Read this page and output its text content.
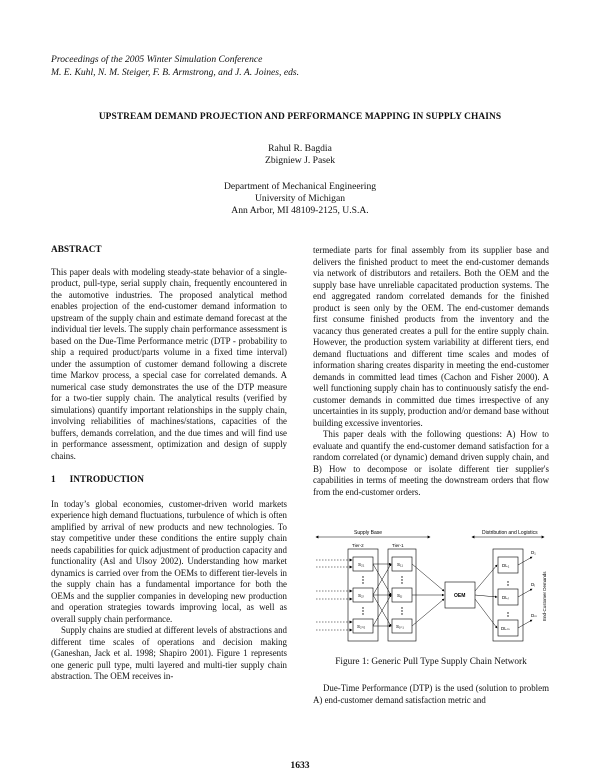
Proceedings of the 2005 Winter Simulation Conference
M. E. Kuhl, N. M. Steiger, F. B. Armstrong, and J. A. Joines, eds.
UPSTREAM DEMAND PROJECTION AND PERFORMANCE MAPPING IN SUPPLY CHAINS
Rahul R. Bagdia
Zbigniew J. Pasek
Department of Mechanical Engineering
University of Michigan
Ann Arbor, MI 48109-2125, U.S.A.
ABSTRACT

This paper deals with modeling steady-state behavior of a single-product, pull-type, serial supply chain, frequently encountered in the automotive industries. The proposed analytical method enables projection of the end-customer demand information to upstream of the supply chain and estimate demand forecast at the individual tier levels. The supply chain performance assessment is based on the Due-Time Performance metric (DTP - probability to ship a required product/parts volume in a fixed time interval) under the assumption of customer demand following a discrete time Markov process, a special case for correlated demands. A numerical case study demonstrates the use of the DTP measure for a two-tier supply chain. The analytical results (verified by simulations) quantify important relationships in the supply chain, involving reliabilities of machines/stations, capacities of the buffers, demands correlation, and the due times and will find use in performance assessment, optimization and design of supply chains.

1      INTRODUCTION

In today’s global economies, customer-driven world markets experience high demand fluctuations, turbulence of which is often amplified by arrival of new products and new technologies. To stay competitive under these conditions the entire supply chain needs capabilities for quick adjustment of production capacity and functionality (Asl and Ulsoy 2002). Understanding how market dynamics is carried over from the OEMs to different tier-levels in the supply chain has a fundamental importance for both the OEMs and the supplier companies in developing new production and operation strategies towards improving local, as well as overall supply chain performance.

Supply chains are studied at different levels of abstractions and different time scales of operations and decision making (Ganeshan, Jack et al. 1998; Shapiro 2001). Figure 1 represents one generic pull type, multi layered and multi-tier supply chain abstraction. The OEM receives in-

termediate parts for final assembly from its supplier base and delivers the finished product to meet the end-customer demands via network of distributors and retailers. Both the OEM and the supply base have unreliable capacitated production systems. The end aggregated random correlated demands for the finished product is seen only by the OEM. The end-customer demands first consume finished products from the inventory and the vacancy thus generated creates a pull for the entire supply chain. However, the production system variability at different tiers, end demand fluctuations and different time scales and modes of information sharing creates disparity in meeting the end-customer demands in committed lead times (Cachon and Fisher 2000). A well functioning supply chain has to continuously satisfy the end-customer demands in committed due times irrespective of any uncertainties in its supply, production and/or demand base without building excessive inventories.

This paper deals with the following questions: A) How to evaluate and quantify the end-customer demand satisfaction for a random correlated (or dynamic) demand driven supply chain, and B) How to decompose or isolate different tier supplier's capabilities in terms of meeting the downstream orders that flow from the end-customer orders.

Supply Base	Distribution and Logistics
Tier-2	Tier-1
S₂₁
S₂ⱼ
S₂ₙ₂
S₁₁
S₁ⱼ
S₁ₙ₁
OEM
DL₁
DLⱼ
DLₘ
D₁
Dⱼ
Dₘ End-Customer Demands
Figure 1: Generic Pull Type Supply Chain Network

Due-Time Performance (DTP) is the used (solution to problem A) end-customer demand satisfaction metric and

1633
